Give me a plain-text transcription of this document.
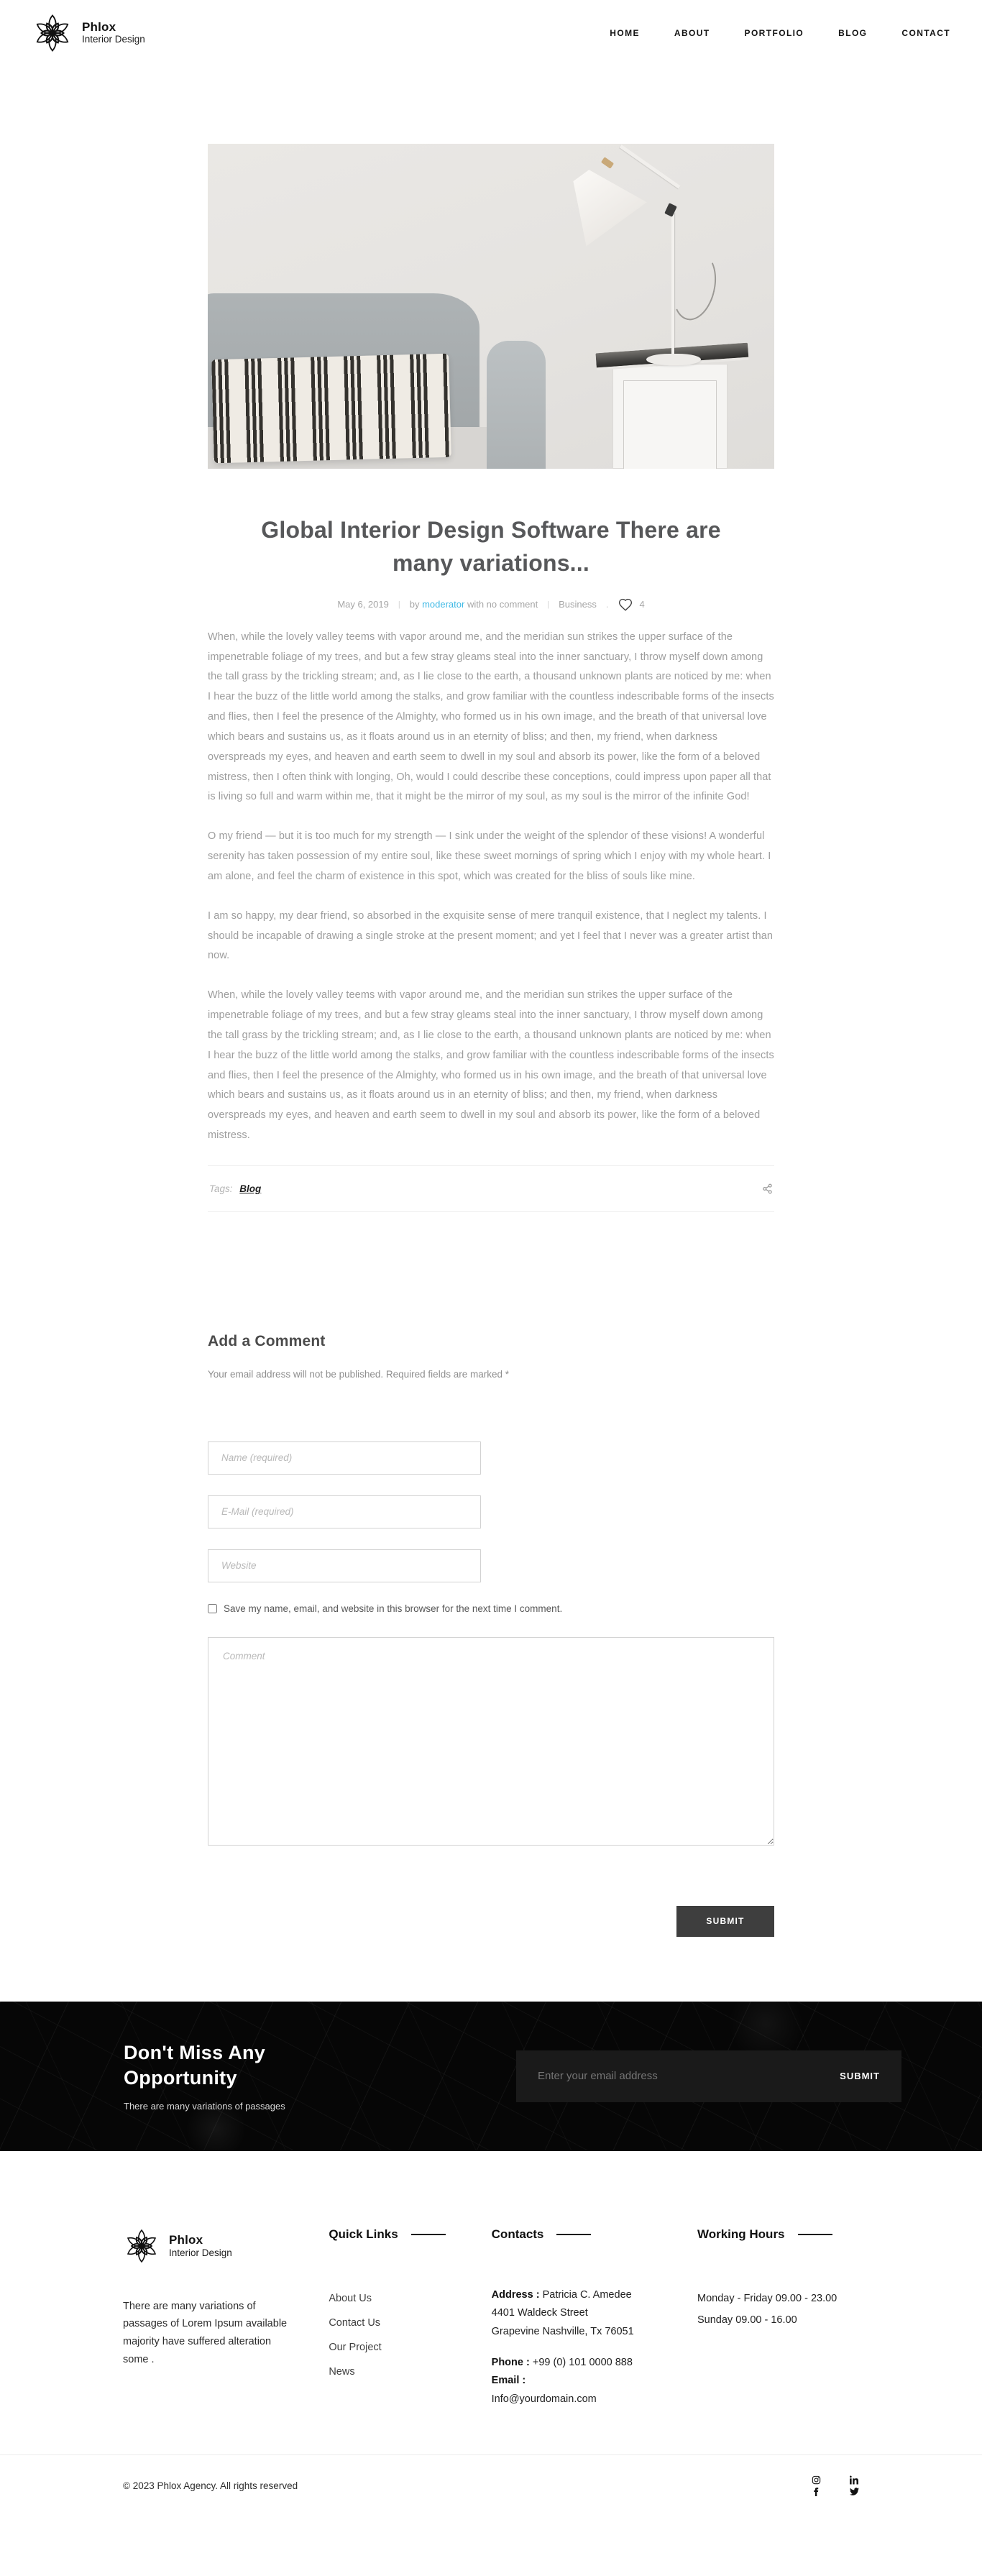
Phlox
Interior Design
HOME	ABOUT	PORTFOLIO	BLOG	CONTACT
Global Interior Design Software There are many variations...
May 6, 2019 | by moderator with no comment | Business .	4

When, while the lovely valley teems with vapor around me, and the meridian sun strikes the upper surface of the impenetrable foliage of my trees, and but a few stray gleams steal into the inner sanctuary, I throw myself down among the tall grass by the trickling stream; and, as I lie close to the earth, a thousand unknown plants are noticed by me: when I hear the buzz of the little world among the stalks, and grow familiar with the countless indescribable forms of the insects and flies, then I feel the presence of the Almighty, who formed us in his own image, and the breath of that universal love which bears and sustains us, as it floats around us in an eternity of bliss; and then, my friend, when darkness overspreads my eyes, and heaven and earth seem to dwell in my soul and absorb its power, like the form of a beloved mistress, then I often think with longing, Oh, would I could describe these conceptions, could impress upon paper all that is living so full and warm within me, that it might be the mirror of my soul, as my soul is the mirror of the infinite God!

O my friend — but it is too much for my strength — I sink under the weight of the splendor of these visions! A wonderful serenity has taken possession of my entire soul, like these sweet mornings of spring which I enjoy with my whole heart. I am alone, and feel the charm of existence in this spot, which was created for the bliss of souls like mine.

I am so happy, my dear friend, so absorbed in the exquisite sense of mere tranquil existence, that I neglect my talents. I should be incapable of drawing a single stroke at the present moment; and yet I feel that I never was a greater artist than now.

When, while the lovely valley teems with vapor around me, and the meridian sun strikes the upper surface of the impenetrable foliage of my trees, and but a few stray gleams steal into the inner sanctuary, I throw myself down among the tall grass by the trickling stream; and, as I lie close to the earth, a thousand unknown plants are noticed by me: when I hear the buzz of the little world among the stalks, and grow familiar with the countless indescribable forms of the insects and flies, then I feel the presence of the Almighty, who formed us in his own image, and the breath of that universal love which bears and sustains us, as it floats around us in an eternity of bliss; and then, my friend, when darkness overspreads my eyes, and heaven and earth seem to dwell in my soul and absorb its power, like the form of a beloved mistress.

Tags: Blog
Add a Comment

Your email address will not be published. Required fields are marked *

Name (required)
E-Mail (required)
Website
Save my name, email, and website in this browser for the next time I comment.
Comment
SUBMIT
Don't Miss Any Opportunity

There are many variations of passages

Enter your email address
SUBMIT
Phlox
Interior Design

There are many variations of passages of Lorem Ipsum available majority have suffered alteration some .

Quick Links
About Us
Contact Us
Our Project
News
Contacts

Address : Patricia C. Amedee
4401 Waldeck Street
Grapevine Nashville, Tx 76051

Phone : +99 (0) 101 0000 888
Email :
Info@yourdomain.com

Working Hours
Monday - Friday 09.00 - 23.00
Sunday 09.00 - 16.00
© 2023 Phlox Agency. All rights reserved
